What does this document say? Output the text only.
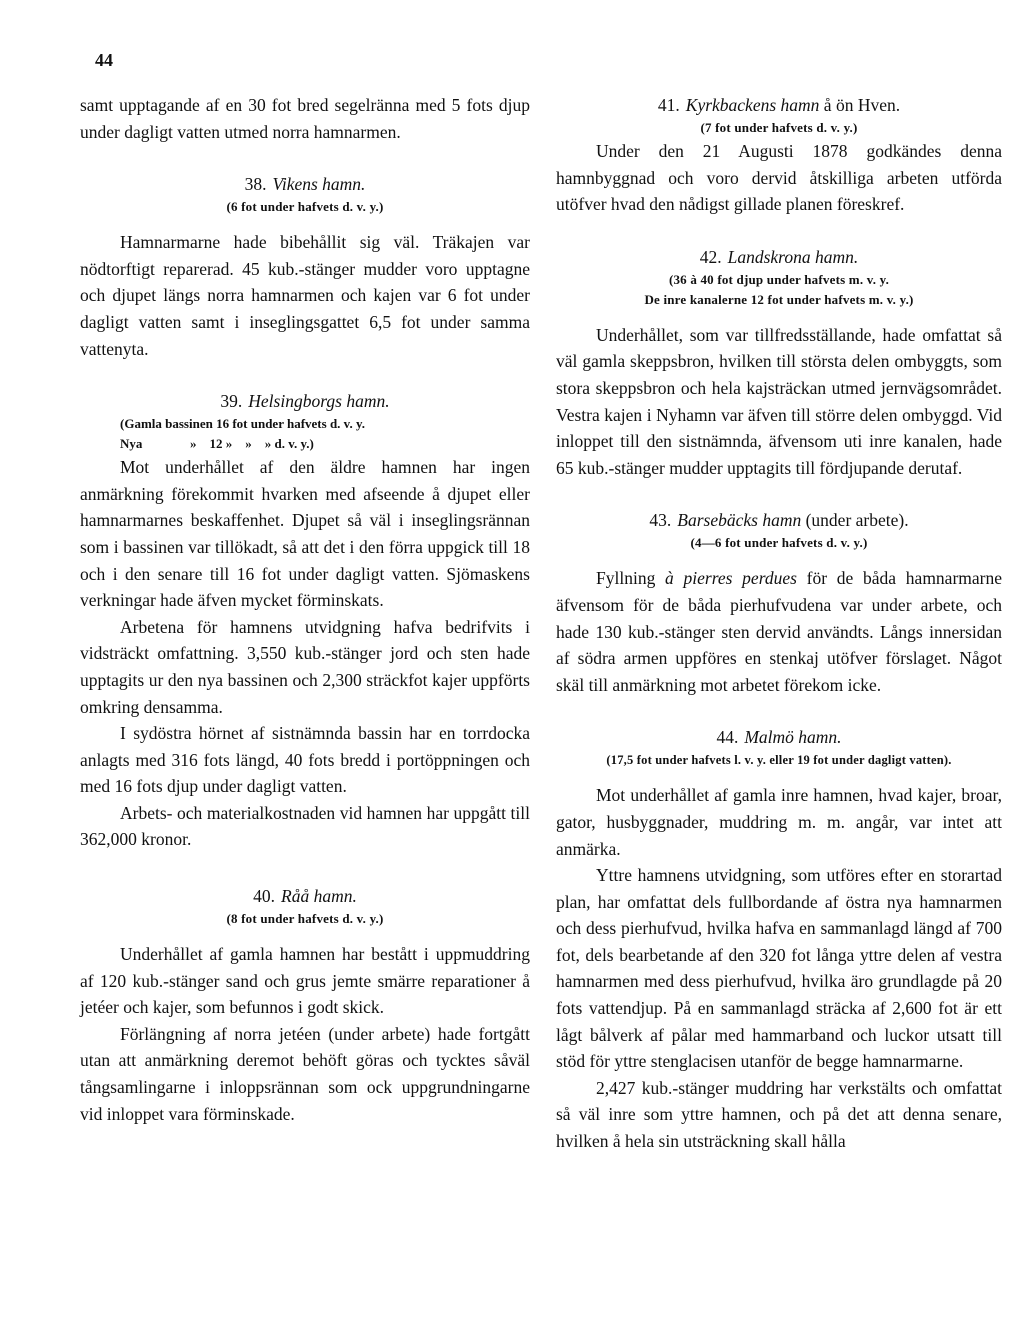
44

samt upptagande af en 30 fot bred segelränna med 5 fots djup under dagligt vatten utmed norra hamnarmen.

38. Vikens hamn.
(6 fot under hafvets d. v. y.)

Hamnarmarne hade bibehållit sig väl. Träkajen var nödtorftigt reparerad. 45 kub.-stänger mudder voro upptagne och djupet längs norra hamnarmen och kajen var 6 fot under dagligt vatten samt i inseglingsgattet 6,5 fot under samma vattenyta.

39. Helsingborgs hamn.
(Gamla bassinen 16 fot under hafvets d. v. y.
Nya	»    12 »    »    » d. v. y.)

Mot underhållet af den äldre hamnen har ingen anmärkning förekommit hvarken med afseende å djupet eller hamnarmarnes beskaffenhet. Djupet så väl i inseglingsrännan som i bassinen var tillökadt, så att det i den förra uppgick till 18 och i den senare till 16 fot under dagligt vatten. Sjömaskens verkningar hade äfven mycket förminskats.

Arbetena för hamnens utvidgning hafva bedrifvits i vidsträckt omfattning. 3,550 kub.-stänger jord och sten hade upptagits ur den nya bassinen och 2,300 sträckfot kajer uppförts omkring densamma.

I sydöstra hörnet af sistnämnda bassin har en torrdocka anlagts med 316 fots längd, 40 fots bredd i portöppningen och med 16 fots djup under dagligt vatten.

Arbets- och materialkostnaden vid hamnen har uppgått till 362,000 kronor.

40. Råå hamn.
(8 fot under hafvets d. v. y.)

Underhållet af gamla hamnen har bestått i uppmuddring af 120 kub.-stänger sand och grus jemte smärre reparationer å jetéer och kajer, som befunnos i godt skick.

Förlängning af norra jetéen (under arbete) hade fortgått utan att anmärkning deremot behöft göras och tycktes såväl tångsamlingarne i inloppsrännan som ock uppgrundningarne vid inloppet vara förminskade.

41. Kyrkbackens hamn å ön Hven.
(7 fot under hafvets d. v. y.)

Under den 21 Augusti 1878 godkändes denna hamnbyggnad och voro dervid åtskilliga arbeten utförda utöfver hvad den nådigst gillade planen föreskref.

42. Landskrona hamn.
(36 à 40 fot djup under hafvets m. v. y.
De inre kanalerne 12 fot under hafvets m. v. y.)

Underhållet, som var tillfredsställande, hade omfattat så väl gamla skeppsbron, hvilken till största delen ombyggts, som stora skeppsbron och hela kajsträckan utmed jernvägsområdet. Vestra kajen i Nyhamn var äfven till större delen ombyggd. Vid inloppet till den sistnämnda, äfvensom uti inre kanalen, hade 65 kub.-stänger mudder upptagits till fördjupande derutaf.

43. Barsebäcks hamn (under arbete).
(4—6 fot under hafvets d. v. y.)

Fyllning à pierres perdues för de båda hamnarmarne äfvensom för de båda pierhufvudena var under arbete, och hade 130 kub.-stänger sten dervid användts. Långs innersidan af södra armen uppföres en stenkaj utöfver förslaget. Något skäl till anmärkning mot arbetet förekom icke.

44. Malmö hamn.
(17,5 fot under hafvets l. v. y. eller 19 fot under dagligt vatten).

Mot underhållet af gamla inre hamnen, hvad kajer, broar, gator, husbyggnader, muddring m. m. angår, var intet att anmärka.

Yttre hamnens utvidgning, som utföres efter en storartad plan, har omfattat dels fullbordande af östra nya hamnarmen och dess pierhufvud, hvilka hafva en sammanlagd längd af 700 fot, dels bearbetande af den 320 fot långa yttre delen af vestra hamnarmen med dess pierhufvud, hvilka äro grundlagde på 20 fots vattendjup. På en sammanlagd sträcka af 2,600 fot är ett lågt bålverk af pålar med hammarband och luckor utsatt till stöd för yttre stenglacisen utanför de begge hamnarmarne.

2,427 kub.-stänger muddring har verkstälts och omfattat så väl inre som yttre hamnen, och på det att denna senare, hvilken å hela sin utsträckning skall hålla
